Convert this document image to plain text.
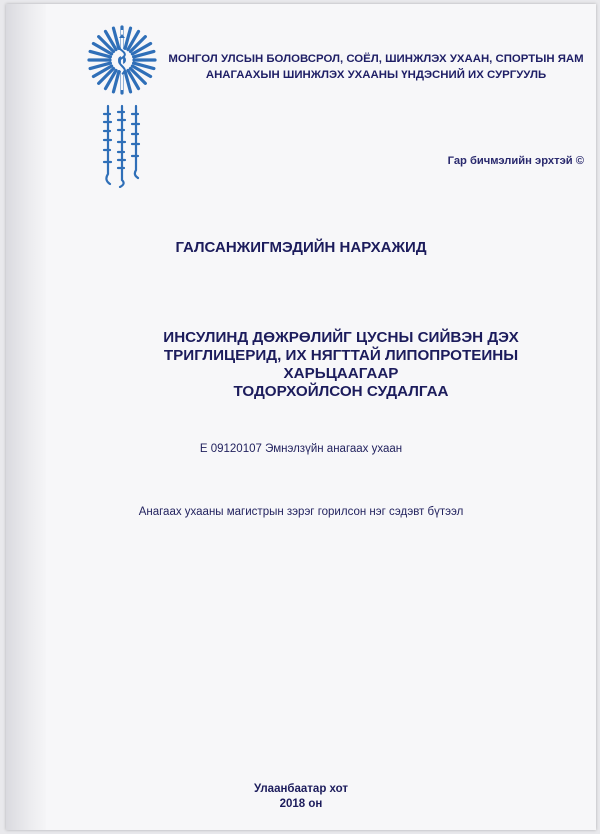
МОНГОЛ УЛСЫН БОЛОВСРОЛ, СОЁЛ, ШИНЖЛЭХ УХААН, СПОРТЫН ЯАМ
АНАГААХЫН ШИНЖЛЭХ УХААНЫ ҮНДЭСНИЙ ИХ СУРГУУЛЬ
Гар бичмэлийн эрхтэй ©
ГАЛСАНЖИГМЭДИЙН НАРХАЖИД
ИНСУЛИНД ДӨЖРӨЛИЙГ ЦУСНЫ СИЙВЭН ДЭХ
ТРИГЛИЦЕРИД, ИХ НЯГТТАЙ ЛИПОПРОТЕИНЫ ХАРЬЦААГААР
ТОДОРХОЙЛСОН СУДАЛГАА
Е 09120107 Эмнэлзүйн анагаах ухаан
Анагаах ухааны магистрын зэрэг горилсон нэг сэдэвт бүтээл
Улаанбаатар хот
2018 он
